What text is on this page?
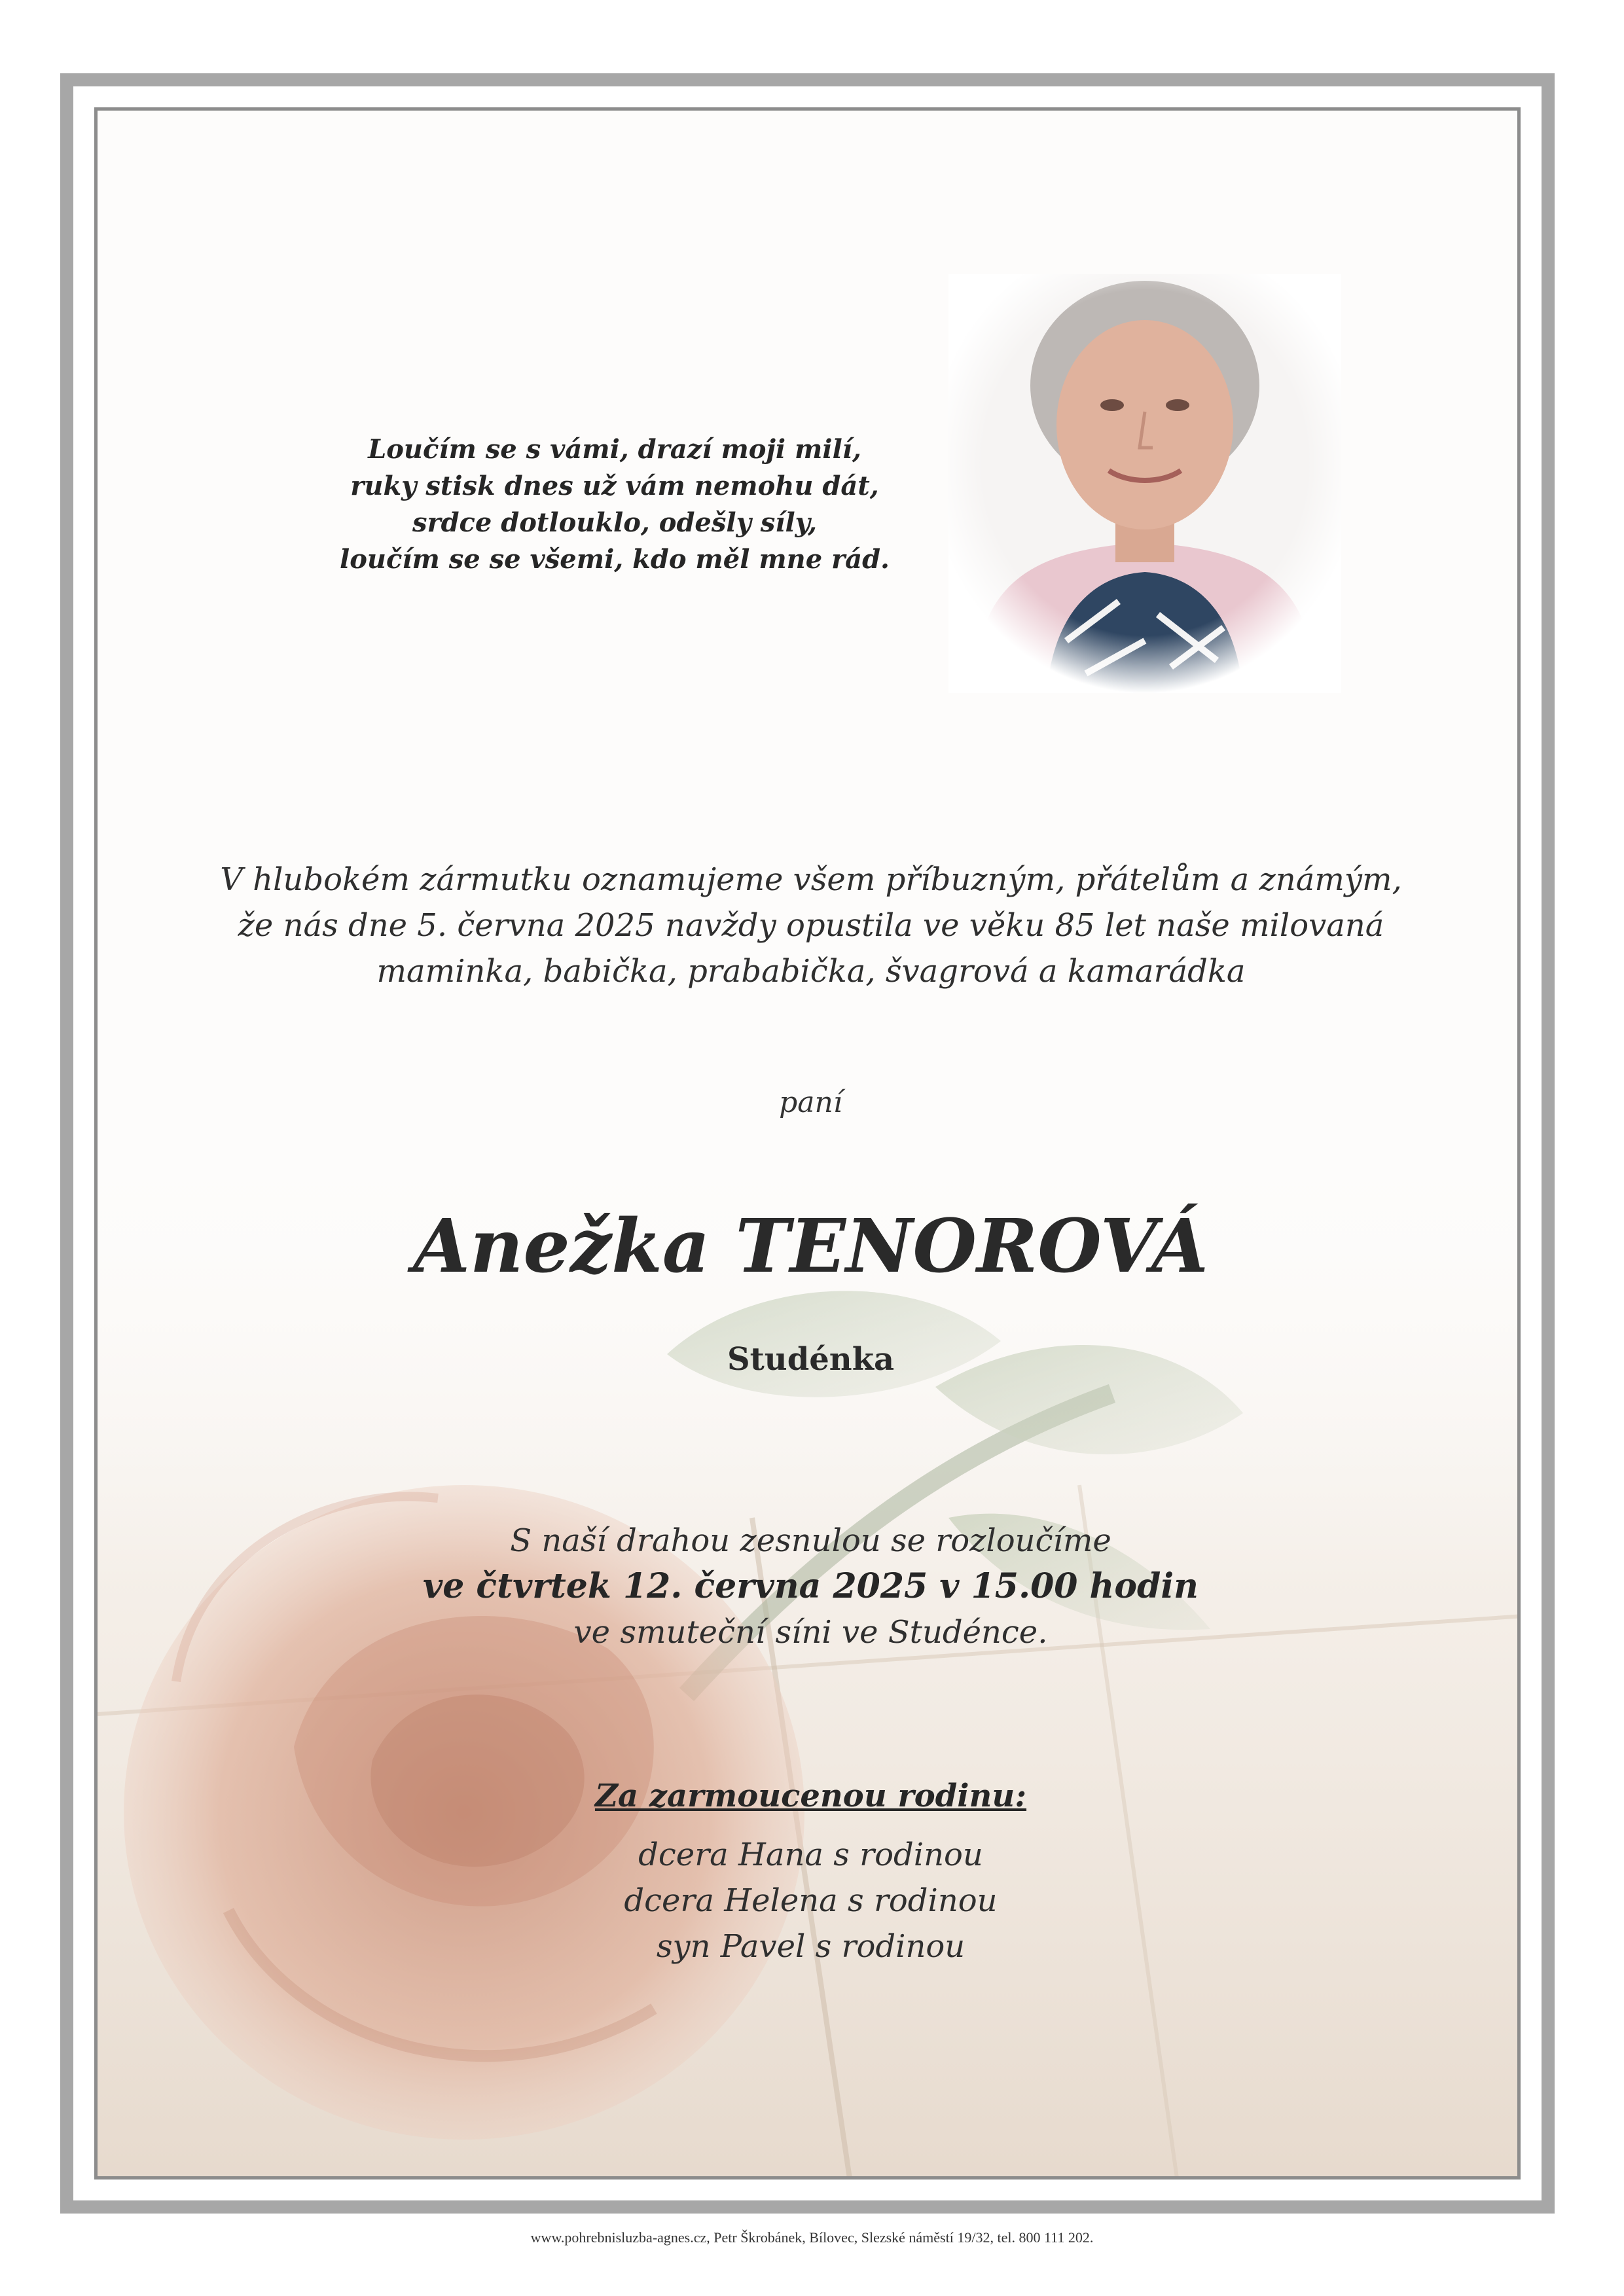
Loučím se s vámi, drazí moji milí,
ruky stisk dnes už vám nemohu dát,
srdce dotlouklo, odešly síly,
loučím se se všemi, kdo měl mne rád.
V hlubokém zármutku oznamujeme všem příbuzným, přátelům a známým,
že nás dne 5. června 2025 navždy opustila ve věku 85 let naše milovaná
maminka, babička, prababička, švagrová a kamarádka
paní
Anežka TENOROVÁ
Studénka
S naší drahou zesnulou se rozloučíme
ve čtvrtek 12. června 2025 v 15.00 hodin
ve smuteční síni ve Studénce.
Za zarmoucenou rodinu:
dcera Hana s rodinou
dcera Helena s rodinou
syn Pavel s rodinou
www.pohrebnisluzba-agnes.cz, Petr Škrobánek, Bílovec, Slezské náměstí 19/32, tel. 800 111 202.
